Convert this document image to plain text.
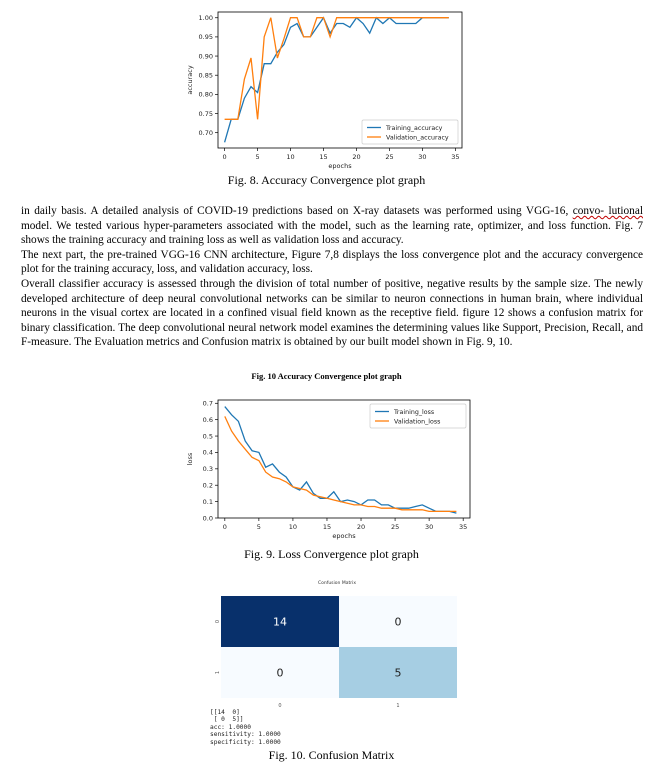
0	5	10	15	20	25	30	35
0.70
0.75
0.80
0.85
0.90
0.95
1.00
epochs
accuracy
Training_accuracy
Validation_accuracy
Fig. 8. Accuracy Convergence plot graph

in daily basis. A detailed analysis of COVID-19 predictions based on X-ray datasets was performed using VGG-16, convo- lutional model. We tested various hyper-parameters associated with the model, such as the learning rate, optimizer, and loss function. Fig. 7 shows the training accuracy and training loss as well as validation loss and accuracy.

The next part, the pre-trained VGG-16 CNN architecture, Figure 7,8 displays the loss convergence plot and the accuracy convergence plot for the training accuracy, loss, and validation accuracy, loss.

Overall classifier accuracy is assessed through the division of total number of positive, negative results by the sample size. The newly developed architecture of deep neural convolutional networks can be similar to neuron connections in human brain, where individual neurons in the visual cortex are located in a confined visual field known as the receptive field. figure 12 shows a confusion matrix for binary classification. The deep convolutional neural network model examines the determining values like Support, Precision, Recall, and F-measure. The Evaluation metrics and Confusion matrix is obtained by our built model shown in Fig. 9, 10.

Fig. 10 Accuracy Convergence plot graph
0	5	10	15	20	25	30	35
0.0
0.1
0.2
0.3
0.4
0.5
0.6
0.7
epochs
loss
Training_loss
Validation_loss
Fig. 9. Loss Convergence plot graph
Confusion Matrix
14	0
0	5
0
1
0	1
[[14  0]
[ 0  5]]
acc: 1.0000
sensitivity: 1.0000
specificity: 1.0000
Fig. 10. Confusion Matrix
